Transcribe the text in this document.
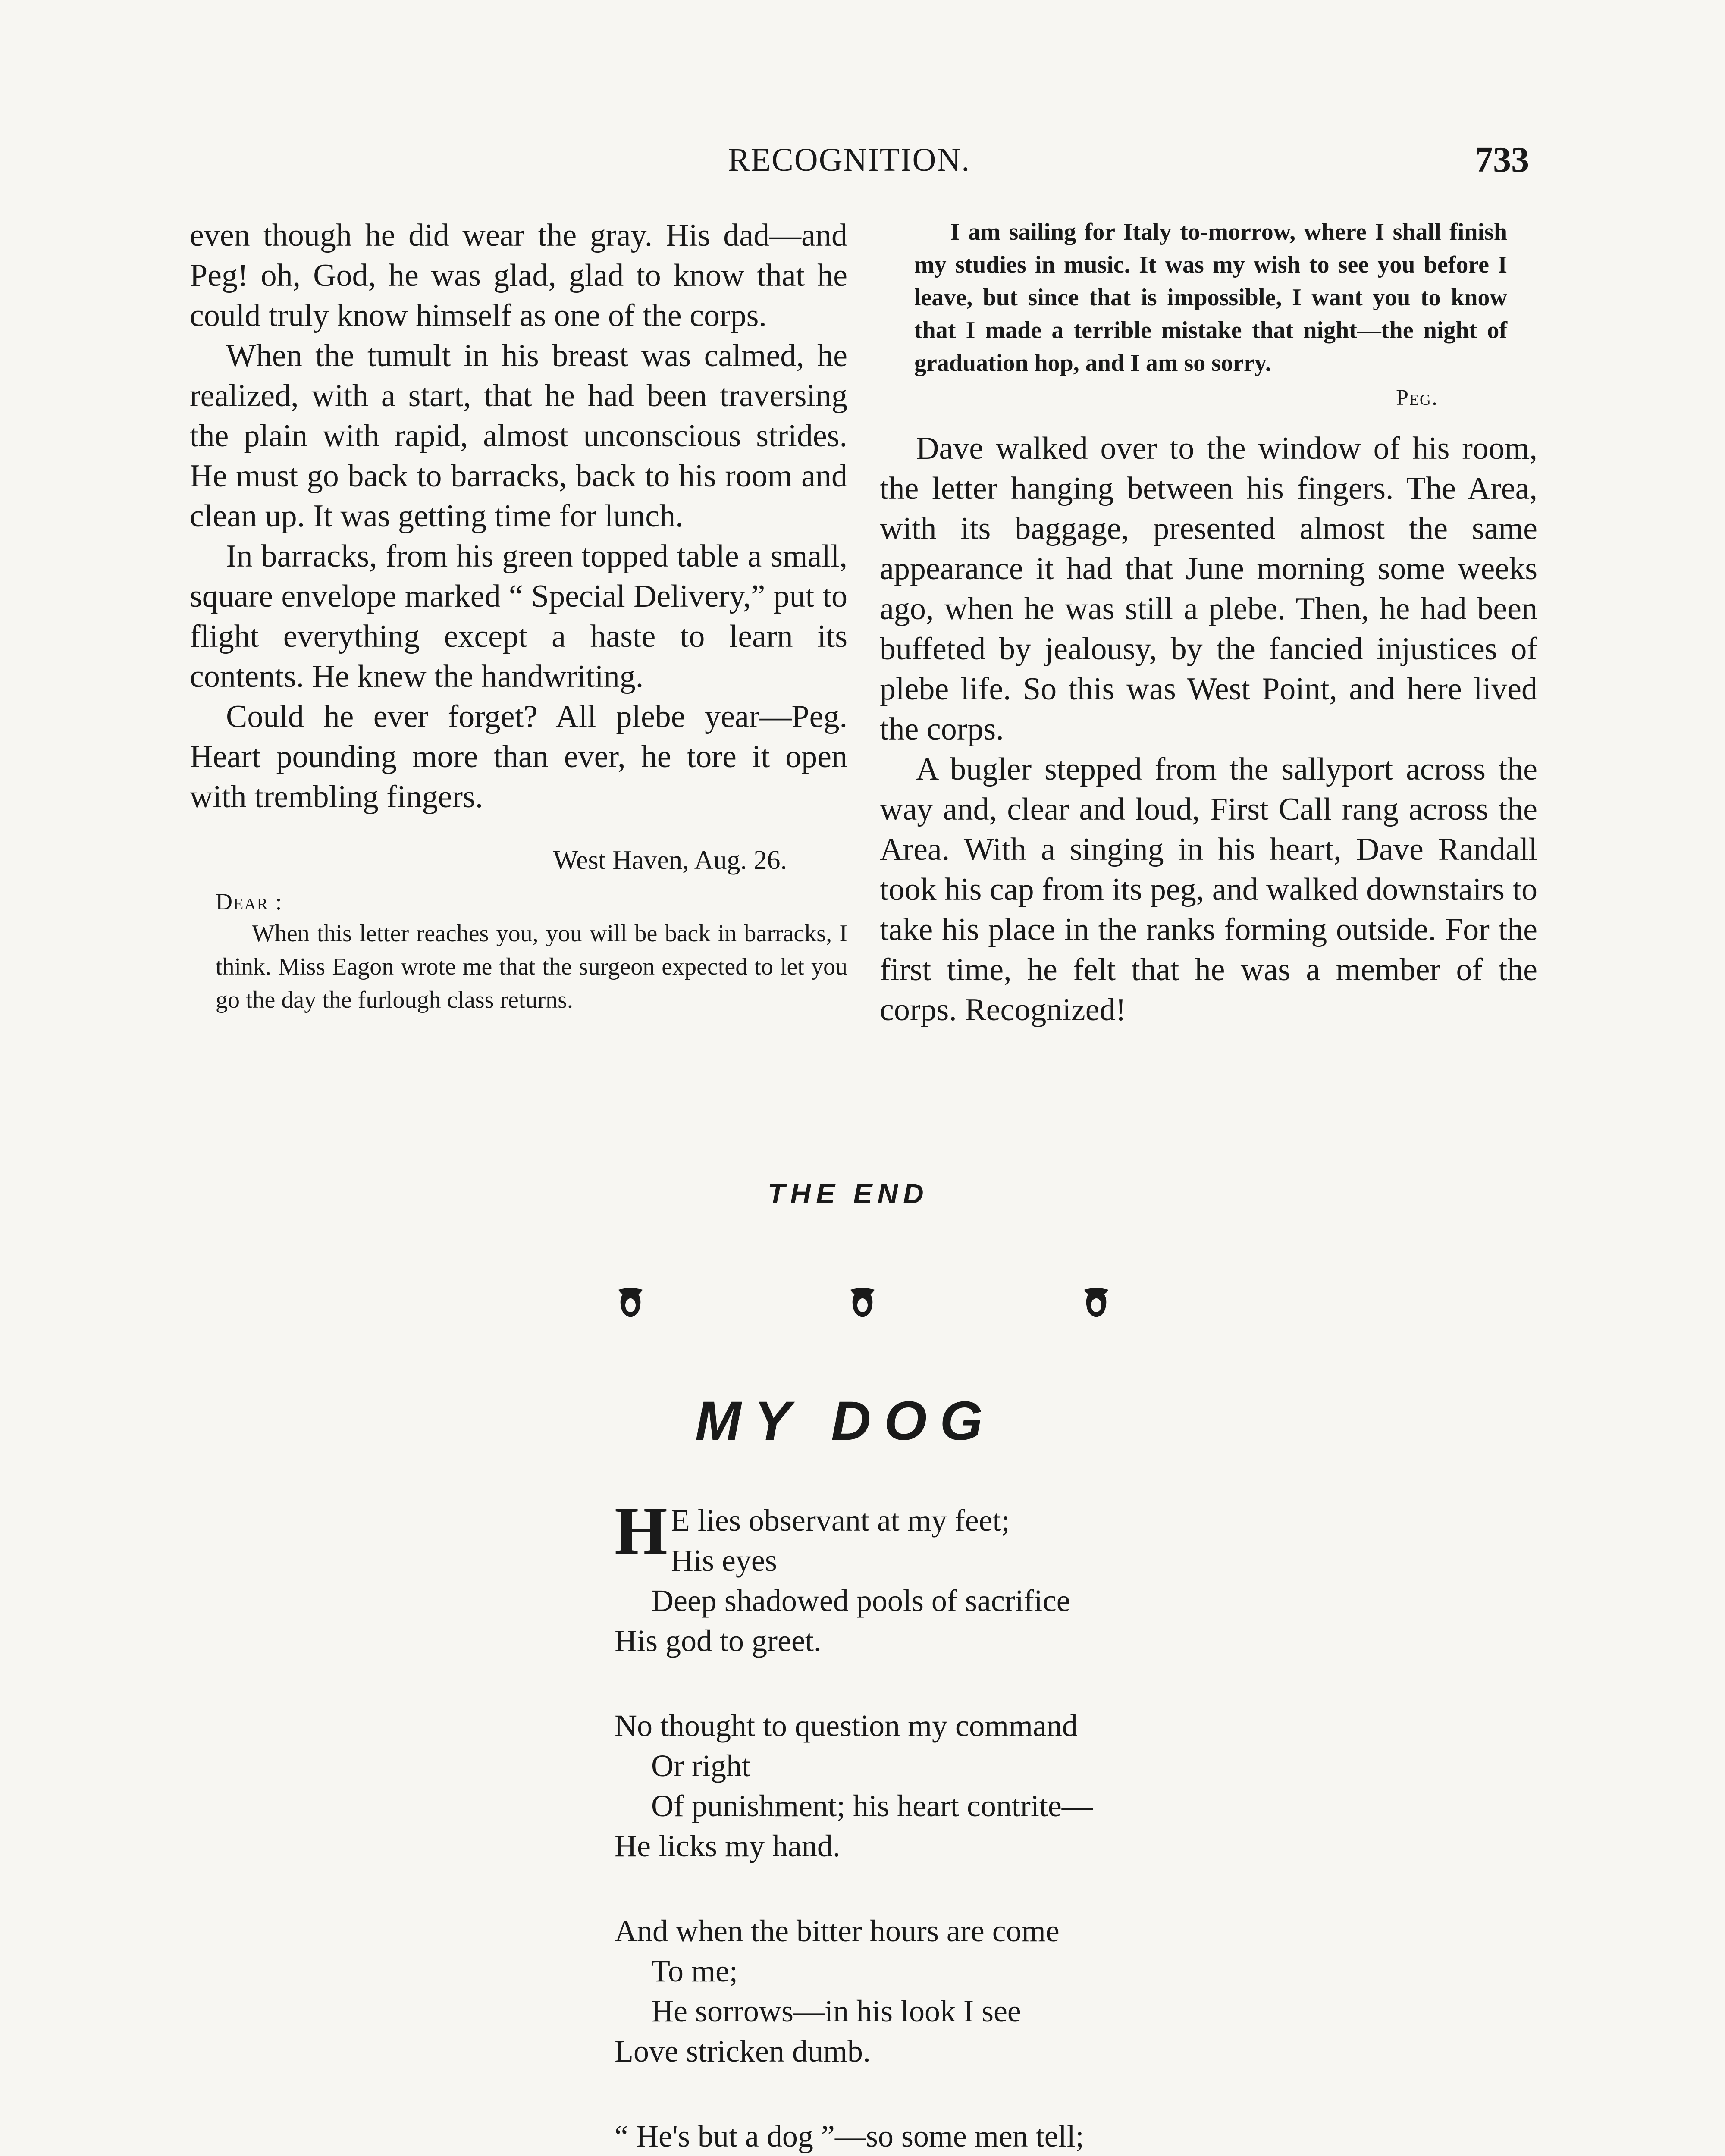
RECOGNITION.	733

even though he did wear the gray. His dad—and Peg! oh, God, he was glad, glad to know that he could truly know himself as one of the corps.

When the tumult in his breast was calmed, he realized, with a start, that he had been traversing the plain with rapid, almost unconscious strides. He must go back to barracks, back to his room and clean up. It was getting time for lunch.

In barracks, from his green topped table a small, square envelope marked “ Special Delivery,” put to flight everything except a haste to learn its contents. He knew the handwriting.

Could he ever forget? All plebe year—Peg. Heart pounding more than ever, he tore it open with trembling fingers.

West Haven, Aug. 26.

Dear :

When this letter reaches you, you will be back in barracks, I think. Miss Eagon wrote me that the surgeon expected to let you go the day the furlough class returns.

I am sailing for Italy to-morrow, where I shall finish my studies in music. It was my wish to see you before I leave, but since that is impossible, I want you to know that I made a terrible mistake that night—the night of graduation hop, and I am so sorry.

Peg.

Dave walked over to the window of his room, the letter hanging between his fingers. The Area, with its baggage, presented almost the same appearance it had that June morning some weeks ago, when he was still a plebe. Then, he had been buffeted by jealousy, by the fancied injustices of plebe life. So this was West Point, and here lived the corps.

A bugler stepped from the sallyport across the way and, clear and loud, First Call rang across the Area. With a singing in his heart, Dave Randall took his cap from its peg, and walked downstairs to take his place in the ranks forming outside. For the first time, he felt that he was a member of the corps. Recognized!

THE END
MY DOG
H E lies observant at my feet;
His eyes
Deep shadowed pools of sacrifice
His god to greet.
No thought to question my command
Or right
Of punishment; his heart contrite—
He licks my hand.
And when the bitter hours are come
To me;
He sorrows—in his look I see
Love stricken dumb.
“ He's but a dog ”—so some men tell;
